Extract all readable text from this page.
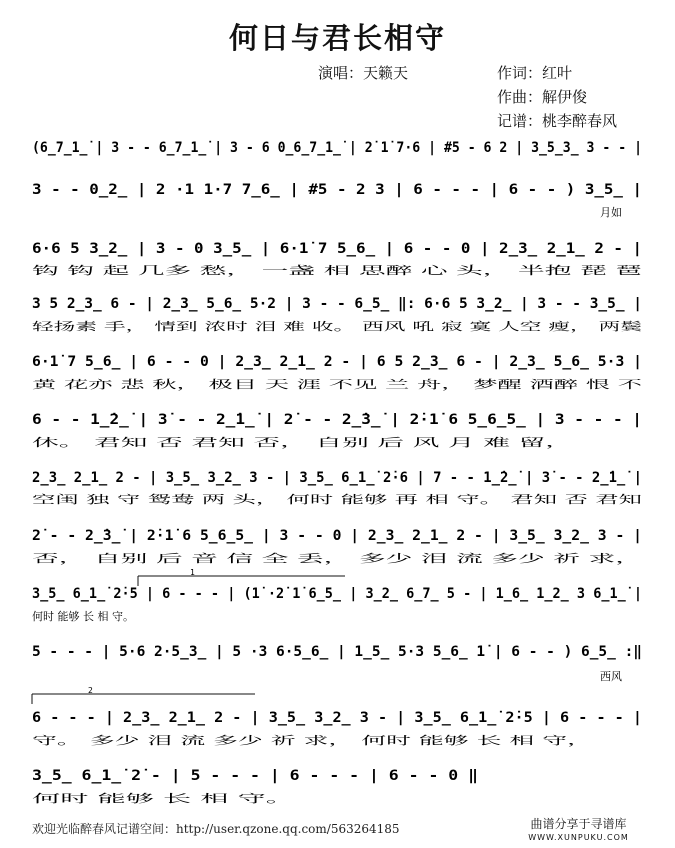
何日与君长相守
演唱：天籁天	作词：红叶
作曲：解伊俊
记谱：桃李醉春风
(6̲7̲1̲̇ | 3 - - 6̲7̲1̲̇ | 3 - 6 0̲6̲7̲1̲̇ | 2̇ 1̇ 7·6 | #5 - 6 2 | 3̲5̲3̲ 3 - - |
3 - - 0̲2̲ | 2 ·1 1·7 7̲6̲ | #5 - 2 3 | 6 - - - | 6 - - ) 3̲5̲ |
月如
6·6 5 3̲2̲ | 3 - 0 3̲5̲ | 6·1̇ 7 5̲6̲ | 6 - - 0 | 2̲3̲ 2̲1̲ 2 - |
钩 钩 起 几多 愁， 一盏 相 思醉 心 头， 半抱 琵 琶
3 5 2̲3̲ 6 - | 2̲3̲ 5̲6̲ 5·2 | 3 - - 6̲5̲ ‖: 6·6 5 3̲2̲ | 3 - - 3̲5̲ |
轻扬素 手， 情到 浓时 泪 难 收。 西风 吼 寂 寞 人空 瘦， 两鬓
6·1̇ 7 5̲6̲ | 6 - - 0 | 2̲3̲ 2̲1̲ 2 - | 6 5 2̲3̲ 6 - | 2̲3̲ 5̲6̲ 5·3 |
黄 花亦 悲 秋， 极目 天 涯 不见 兰 舟， 梦醒 酒醉 恨 不
6 - - 1̲̇2̲̇ | 3̇ - - 2̲̇1̲̇ | 2̇ - - 2̲̇3̲̇ | 2̇·1̇ 6 5̲6̲5̲ | 3 - - - |
休。 君知 否 君知 否， 自别 后 风 月 难 留，
2̲3̲ 2̲1̲ 2 - | 3̲5̲ 3̲2̲ 3 - | 3̲5̲ 6̲1̲̇ 2̇·6 | 7 - - 1̲̇2̲̇ | 3̇ - - 2̲̇1̲̇ |
空闺 独 守 鸳鸯 两 头， 何时 能够 再 相 守。 君知 否 君知
2̇ - - 2̲̇3̲̇ | 2̇·1̇ 6 5̲6̲5̲ | 3 - - 0 | 2̲3̲ 2̲1̲ 2 - | 3̲5̲ 3̲2̲ 3 - |
否， 自别 后 音 信 全 丢， 多少 泪 流 多少 祈 求，
1
3̲5̲ 6̲1̲̇ 2̇·5 | 6 - - - | (1̇ ·2̇ 1̇ 6̲5̲ | 3̲2̲ 6̲7̲ 5 - | 1̲6̲ 1̲2̲ 3 6̲1̲̇ |
何时 能够 长 相 守。
5 - - - | 5·6 2·5̲3̲ | 5 ·3 6·5̲6̲ | 1̲5̲ 5·3 5̲6̲ 1̇ | 6 - - ) 6̲5̲ :‖
西风
2
6 - - - | 2̲3̲ 2̲1̲ 2 - | 3̲5̲ 3̲2̲ 3 - | 3̲5̲ 6̲1̲̇ 2̇·5 | 6 - - - |
守。 多少 泪 流 多少 祈 求， 何时 能够 长 相 守，
3̲5̲ 6̲1̲̇ 2̇ - | 5 - - - | 6 - - - | 6 - - 0 ‖
何时 能够 长 相 守。
欢迎光临醉春风记谱空间：http://user.qzone.qq.com/563264185	曲谱分享于寻谱库
WWW.XUNPUKU.COM
